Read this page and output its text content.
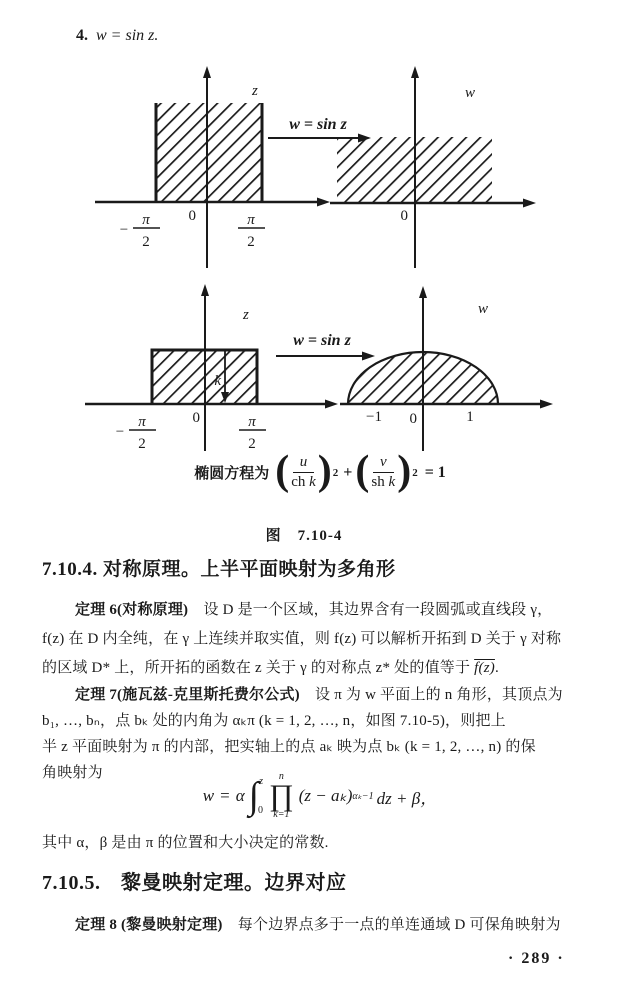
4. w = sin z.
z
0
−
π
2
π
2
w = sin z
0
w
k
z
0
−
π
2
π
2
w = sin z
−1 0	1
w
椭圆方程为 ( $\frac{u}{\text{ch k}}$ ) 2 + ( $\frac{v}{\text{sh k}}$ ) 2 = 1
图　7.10-4
7.10.4. 对称原理。上半平面映射为多角形
定理 6(对称原理)　设 D 是一个区域，其边界含有一段圆弧或直线段 γ，
f(z) 在 D 内全纯，在 γ 上连续并取实值，则 f(z) 可以解析开拓到 D 关于 γ 对称
的区域 D* 上，所开拓的函数在 z 关于 γ 的对称点 z* 处的值等于 f(z).
定理 7(施瓦兹-克里斯托费尔公式)　设 π 为 w 平面上的 n 角形，其顶点为
b₁, …, bₙ，点 bₖ 处的内角为 αₖπ (k = 1, 2, …, n，如图 7.10-5)，则把上
半 z 平面映射为 π 的内部，把实轴上的点 aₖ 映为点 bₖ (k = 1, 2, …, n) 的保
角映射为
w = α ∫ z
0
n
∏
k=1
(z − aₖ) αₖ−1 dz + β，
其中 α，β 是由 π 的位置和大小决定的常数.
7.10.5.　黎曼映射定理。边界对应
定理 8 (黎曼映射定理)　每个边界点多于一点的单连通域 D 可保角映射为
· 289 ·
